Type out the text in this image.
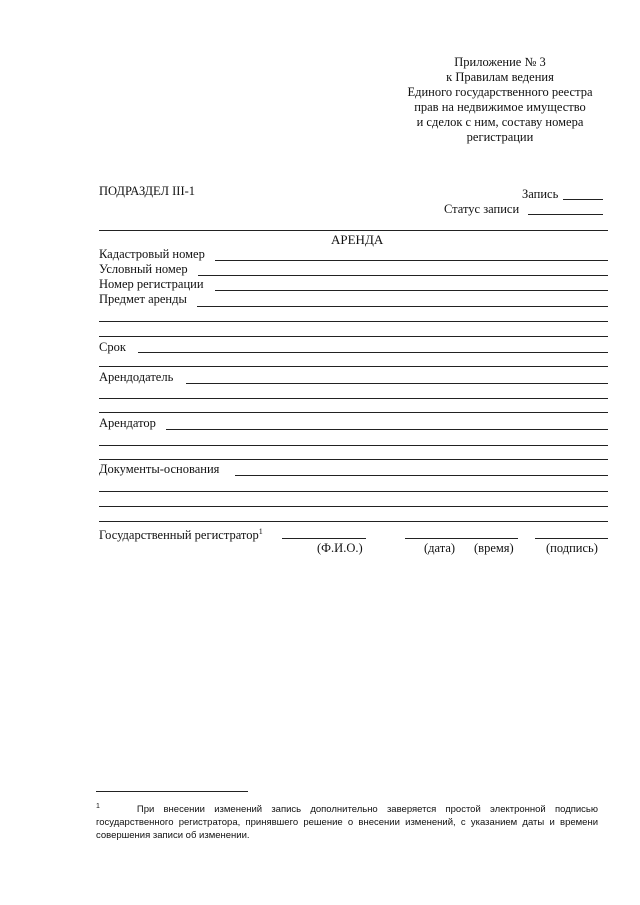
Приложение № 3
к Правилам ведения
Единого государственного реестра
прав на недвижимое имущество
и сделок с ним, составу номера
регистрации
ПОДРАЗДЕЛ III-1	Запись
Статус записи
АРЕНДА
Кадастровый номер
Условный номер
Номер регистрации
Предмет аренды
Срок
Арендодатель
Арендатор
Документы-основания
Государственный регистратор$^1$
(Ф.И.О.)	(дата) (время)	(подпись)
$^1$	При внесении изменений запись дополнительно заверяется простой электронной подписью государственного регистратора, принявшего решение о внесении изменений, с указанием даты и времени совершения записи об изменении.
